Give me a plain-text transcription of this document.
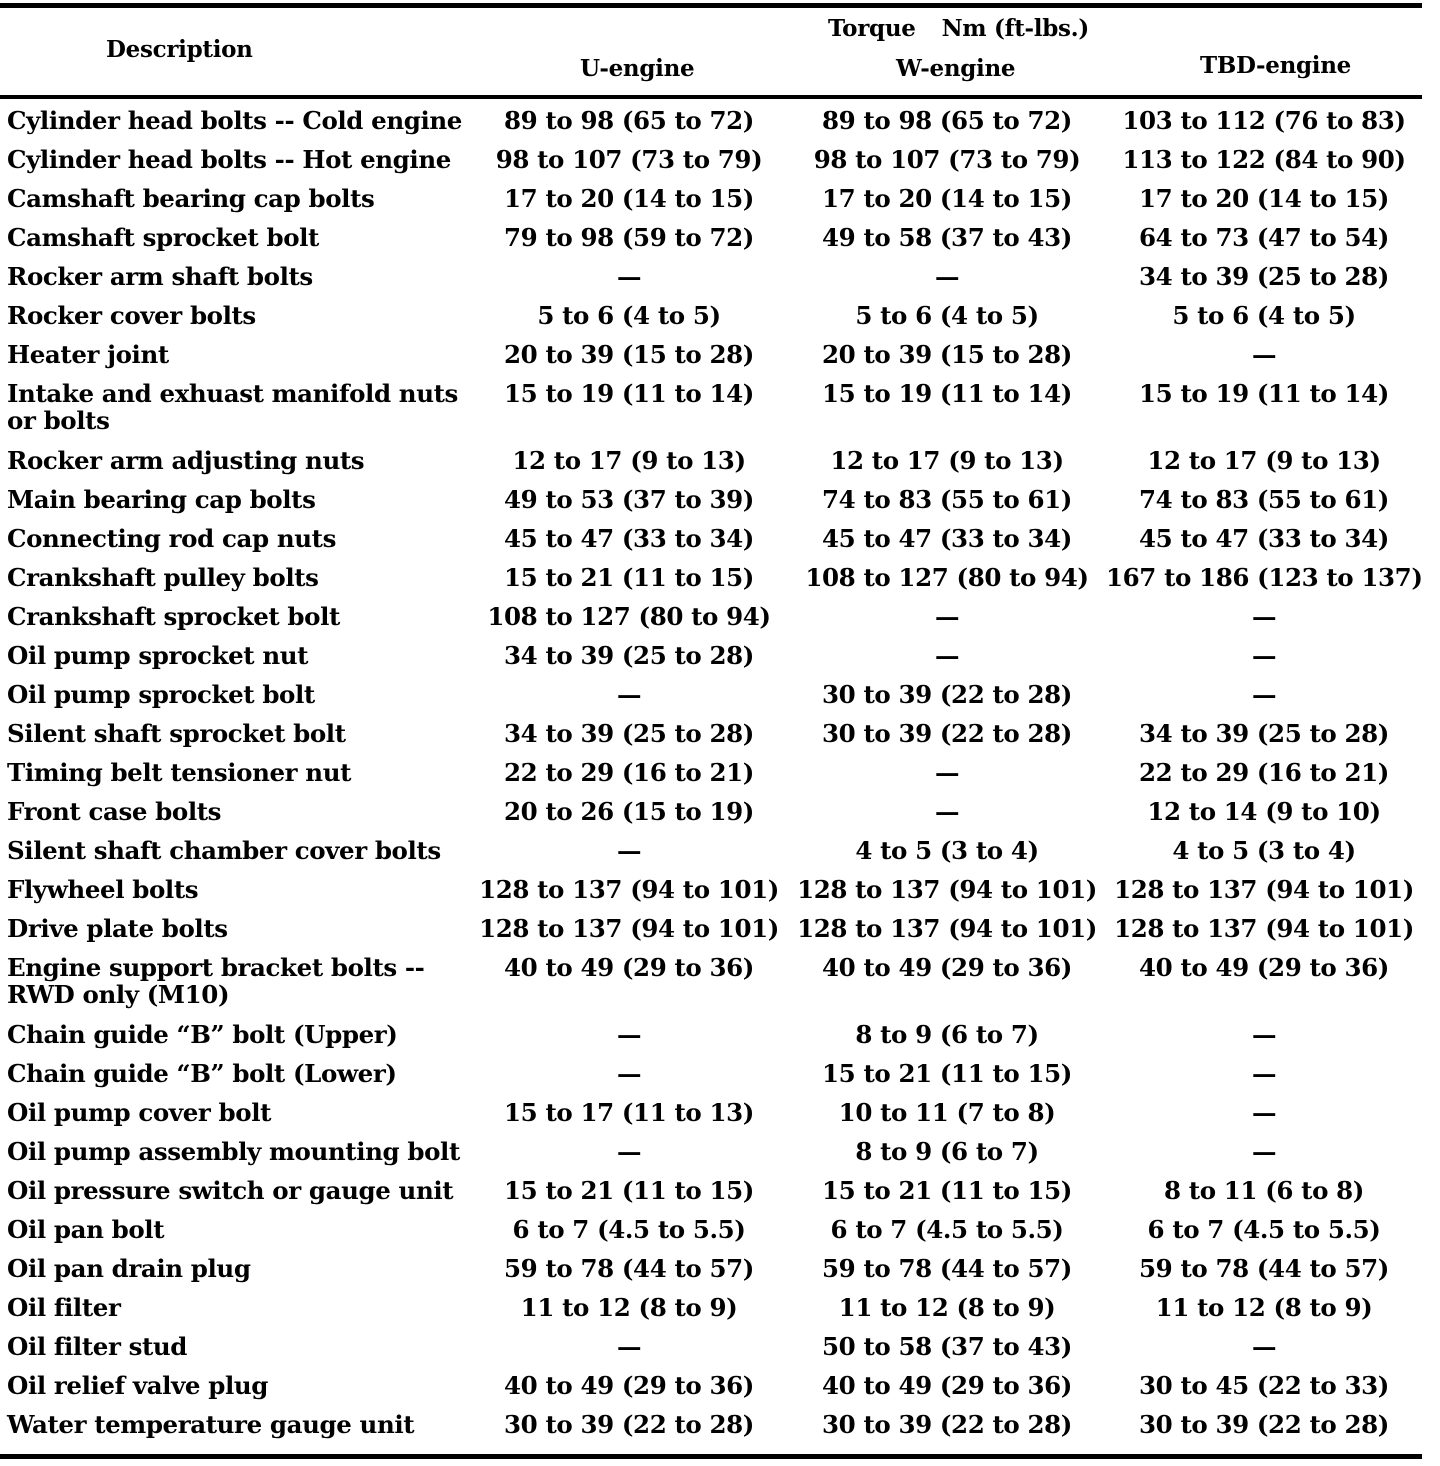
Description
Torque Nm (ft-lbs.)
U-engine	W-engine	TBD-engine
Cylinder head bolts -- Cold engine	89 to 98 (65 to 72)	89 to 98 (65 to 72)	103 to 112 (76 to 83)

Cylinder head bolts -- Hot engine	98 to 107 (73 to 79)	98 to 107 (73 to 79)	113 to 122 (84 to 90)

Camshaft bearing cap bolts	17 to 20 (14 to 15)	17 to 20 (14 to 15)	17 to 20 (14 to 15)

Camshaft sprocket bolt	79 to 98 (59 to 72)	49 to 58 (37 to 43)	64 to 73 (47 to 54)

Rocker arm shaft bolts	—	—	34 to 39 (25 to 28)

Rocker cover bolts	5 to 6 (4 to 5)	5 to 6 (4 to 5)	5 to 6 (4 to 5)

Heater joint	20 to 39 (15 to 28)	20 to 39 (15 to 28)	—

Intake and exhuast manifold nuts
or bolts	15 to 19 (11 to 14)	15 to 19 (11 to 14)	15 to 19 (11 to 14)

Rocker arm adjusting nuts	12 to 17 (9 to 13)	12 to 17 (9 to 13)	12 to 17 (9 to 13)

Main bearing cap bolts	49 to 53 (37 to 39)	74 to 83 (55 to 61)	74 to 83 (55 to 61)

Connecting rod cap nuts	45 to 47 (33 to 34)	45 to 47 (33 to 34)	45 to 47 (33 to 34)

Crankshaft pulley bolts	15 to 21 (11 to 15)	108 to 127 (80 to 94)	167 to 186 (123 to 137)

Crankshaft sprocket bolt	108 to 127 (80 to 94)	—	—

Oil pump sprocket nut	34 to 39 (25 to 28)	—	—

Oil pump sprocket bolt	—	30 to 39 (22 to 28)	—

Silent shaft sprocket bolt	34 to 39 (25 to 28)	30 to 39 (22 to 28)	34 to 39 (25 to 28)

Timing belt tensioner nut	22 to 29 (16 to 21)	—	22 to 29 (16 to 21)

Front case bolts	20 to 26 (15 to 19)	—	12 to 14 (9 to 10)

Silent shaft chamber cover bolts	—	4 to 5 (3 to 4)	4 to 5 (3 to 4)

Flywheel bolts	128 to 137 (94 to 101)	128 to 137 (94 to 101)	128 to 137 (94 to 101)

Drive plate bolts	128 to 137 (94 to 101)	128 to 137 (94 to 101)	128 to 137 (94 to 101)

Engine support bracket bolts --
RWD only (M10)	40 to 49 (29 to 36)	40 to 49 (29 to 36)	40 to 49 (29 to 36)

Chain guide “B” bolt (Upper)	—	8 to 9 (6 to 7)	—

Chain guide “B” bolt (Lower)	—	15 to 21 (11 to 15)	—

Oil pump cover bolt	15 to 17 (11 to 13)	10 to 11 (7 to 8)	—

Oil pump assembly mounting bolt	—	8 to 9 (6 to 7)	—

Oil pressure switch or gauge unit	15 to 21 (11 to 15)	15 to 21 (11 to 15)	8 to 11 (6 to 8)

Oil pan bolt	6 to 7 (4.5 to 5.5)	6 to 7 (4.5 to 5.5)	6 to 7 (4.5 to 5.5)

Oil pan drain plug	59 to 78 (44 to 57)	59 to 78 (44 to 57)	59 to 78 (44 to 57)

Oil filter	11 to 12 (8 to 9)	11 to 12 (8 to 9)	11 to 12 (8 to 9)

Oil filter stud	—	50 to 58 (37 to 43)	—

Oil relief valve plug	40 to 49 (29 to 36)	40 to 49 (29 to 36)	30 to 45 (22 to 33)

Water temperature gauge unit	30 to 39 (22 to 28)	30 to 39 (22 to 28)	30 to 39 (22 to 28)
